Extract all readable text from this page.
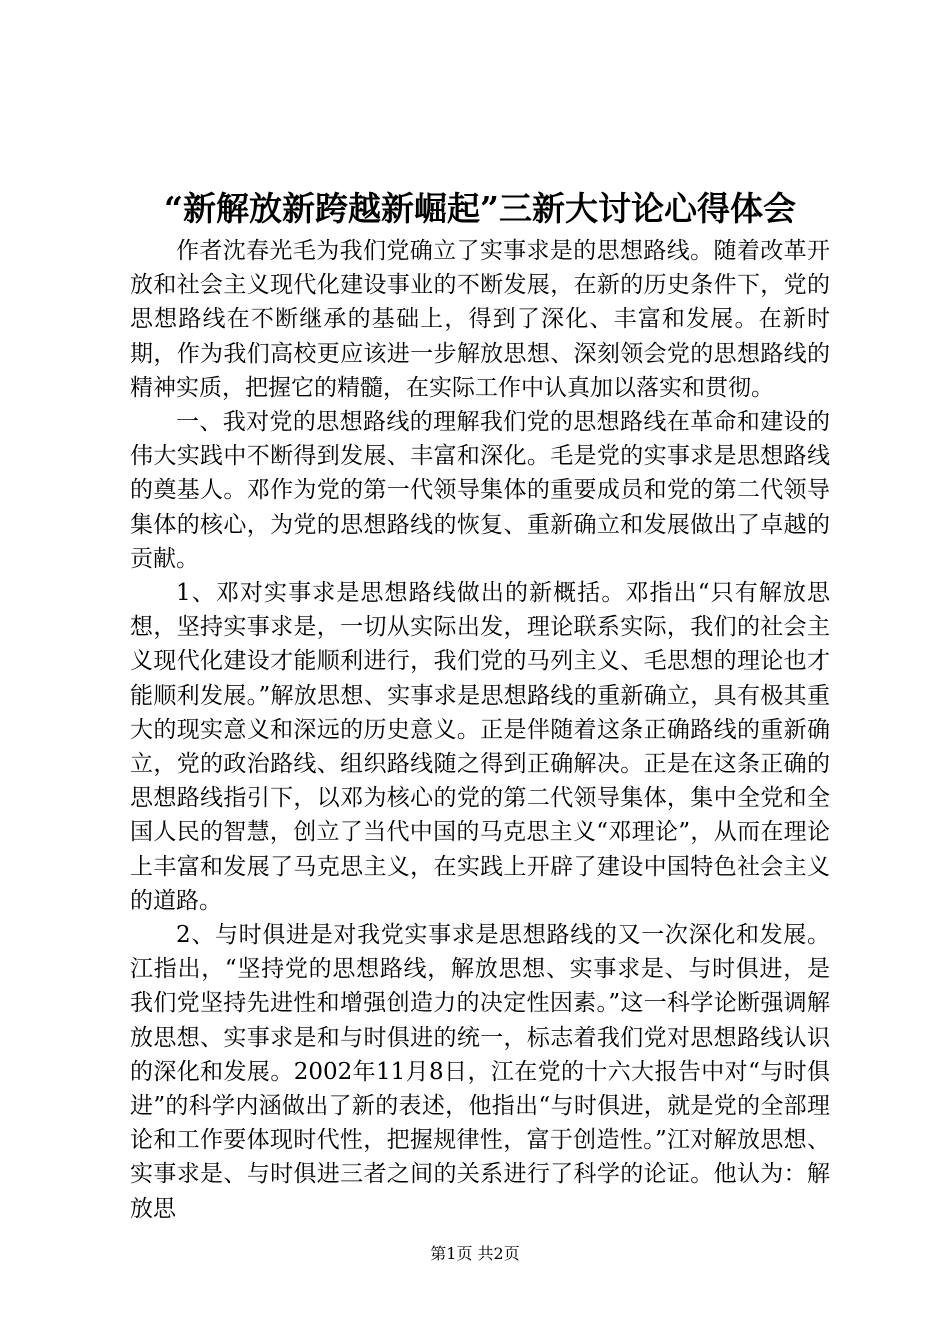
“新解放新跨越新崛起”三新大讨论心得体会

作者沈春光毛为我们党确立了实事求是的思想路线。随着改革开放和社会主义现代化建设事业的不断发展，在新的历史条件下，党的思想路线在不断继承的基础上，得到了深化、丰富和发展。在新时期，作为我们高校更应该进一步解放思想、深刻领会党的思想路线的精神实质，把握它的精髓，在实际工作中认真加以落实和贯彻。

一、我对党的思想路线的理解我们党的思想路线在革命和建设的伟大实践中不断得到发展、丰富和深化。毛是党的实事求是思想路线的奠基人。邓作为党的第一代领导集体的重要成员和党的第二代领导集体的核心，为党的思想路线的恢复、重新确立和发展做出了卓越的贡献。

1、邓对实事求是思想路线做出的新概括。邓指出“只有解放思想，坚持实事求是，一切从实际出发，理论联系实际，我们的社会主义现代化建设才能顺利进行，我们党的马列主义、毛思想的理论也才能顺利发展。”解放思想、实事求是思想路线的重新确立，具有极其重大的现实意义和深远的历史意义。正是伴随着这条正确路线的重新确立，党的政治路线、组织路线随之得到正确解决。正是在这条正确的思想路线指引下，以邓为核心的党的第二代领导集体，集中全党和全国人民的智慧，创立了当代中国的马克思主义“邓理论”，从而在理论上丰富和发展了马克思主义，在实践上开辟了建设中国特色社会主义的道路。

2、与时俱进是对我党实事求是思想路线的又一次深化和发展。江指出，“坚持党的思想路线，解放思想、实事求是、与时俱进，是我们党坚持先进性和增强创造力的决定性因素。”这一科学论断强调解放思想、实事求是和与时俱进的统一，标志着我们党对思想路线认识的深化和发展。2002年11月8日，江在党的十六大报告中对“与时俱进”的科学内涵做出了新的表述，他指出“与时俱进，就是党的全部理论和工作要体现时代性，把握规律性，富于创造性。”江对解放思想、实事求是、与时俱进三者之间的关系进行了科学的论证。他认为：解放思

第1页 共2页
